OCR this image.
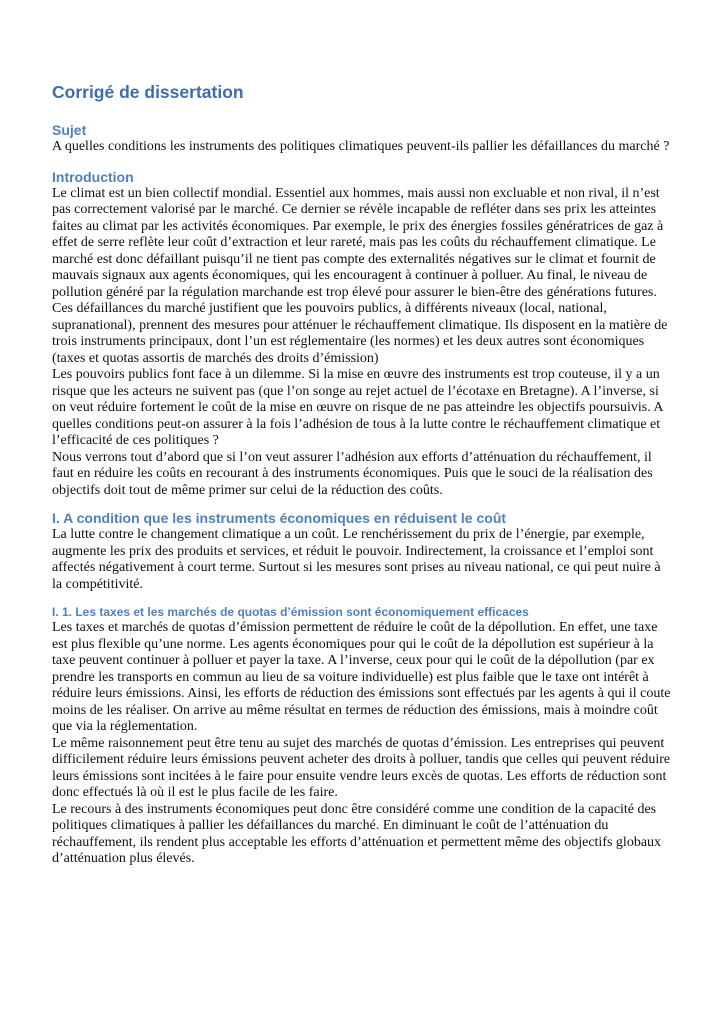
Corrigé de dissertation
Sujet

A quelles conditions les instruments des politiques climatiques peuvent-ils pallier les défaillances du marché ?

Introduction

Le climat est un bien collectif mondial. Essentiel aux hommes, mais aussi non excluable et non rival, il n’est pas correctement valorisé par le marché. Ce dernier se révèle incapable de refléter dans ses prix les atteintes faites au climat par les activités économiques. Par exemple, le prix des énergies fossiles génératrices de gaz à effet de serre reflète leur coût d’extraction et leur rareté, mais pas les coûts du réchauffement climatique. Le marché est donc défaillant puisqu’il ne tient pas compte des externalités négatives sur le climat et fournit de mauvais signaux aux agents économiques, qui les encouragent à continuer à polluer. Au final, le niveau de pollution généré par la régulation marchande est trop élevé pour assurer le bien-être des générations futures.

Ces défaillances du marché justifient que les pouvoirs publics, à différents niveaux (local, national, supranational), prennent des mesures pour atténuer le réchauffement climatique. Ils disposent en la matière de trois instruments principaux, dont l’un est réglementaire (les normes) et les deux autres sont économiques (taxes et quotas assortis de marchés des droits d’émission)

Les pouvoirs publics font face à un dilemme. Si la mise en œuvre des instruments est trop couteuse, il y a un risque que les acteurs ne suivent pas (que l’on songe au rejet actuel de l’écotaxe en Bretagne). A l’inverse, si on veut réduire fortement le coût de la mise en œuvre on risque de ne pas atteindre les objectifs poursuivis. A quelles conditions peut-on assurer à la fois l’adhésion de tous à la lutte contre le réchauffement climatique et l’efficacité de ces politiques ?

Nous verrons tout d’abord que si l’on veut assurer l’adhésion aux efforts d’atténuation du réchauffement, il faut en réduire les coûts en recourant à des instruments économiques. Puis que le souci de la réalisation des objectifs doit tout de même primer sur celui de la réduction des coûts.

I. A condition que les instruments économiques en réduisent le coût

La lutte contre le changement climatique a un coût. Le renchérissement du prix de l’énergie, par exemple, augmente les prix des produits et services, et réduit le pouvoir. Indirectement, la croissance et l’emploi sont affectés négativement à court terme. Surtout si les mesures sont prises au niveau national, ce qui peut nuire à la compétitivité.

I. 1. Les taxes et les marchés de quotas d’émission sont économiquement efficaces

Les taxes et marchés de quotas d’émission permettent de réduire le coût de la dépollution. En effet, une taxe est plus flexible qu’une norme. Les agents économiques pour qui le coût de la dépollution est supérieur à la taxe peuvent continuer à polluer et payer la taxe. A l’inverse, ceux pour qui le coût de la dépollution (par ex prendre les transports en commun au lieu de sa voiture individuelle) est plus faible que le taxe ont intérêt à réduire leurs émissions. Ainsi, les efforts de réduction des émissions sont effectués par les agents à qui il coute moins de les réaliser. On arrive au même résultat en termes de réduction des émissions, mais à moindre coût que via la réglementation.

Le même raisonnement peut être tenu au sujet des marchés de quotas d’émission. Les entreprises qui peuvent difficilement réduire leurs émissions peuvent acheter des droits à polluer, tandis que celles qui peuvent réduire leurs émissions sont incitées à le faire pour ensuite vendre leurs excès de quotas. Les efforts de réduction sont donc effectués là où il est le plus facile de les faire.

Le recours à des instruments économiques peut donc être considéré comme une condition de la capacité des politiques climatiques à pallier les défaillances du marché. En diminuant le coût de l’atténuation du réchauffement, ils rendent plus acceptable les efforts d’atténuation et permettent même des objectifs globaux d’atténuation plus élevés.
